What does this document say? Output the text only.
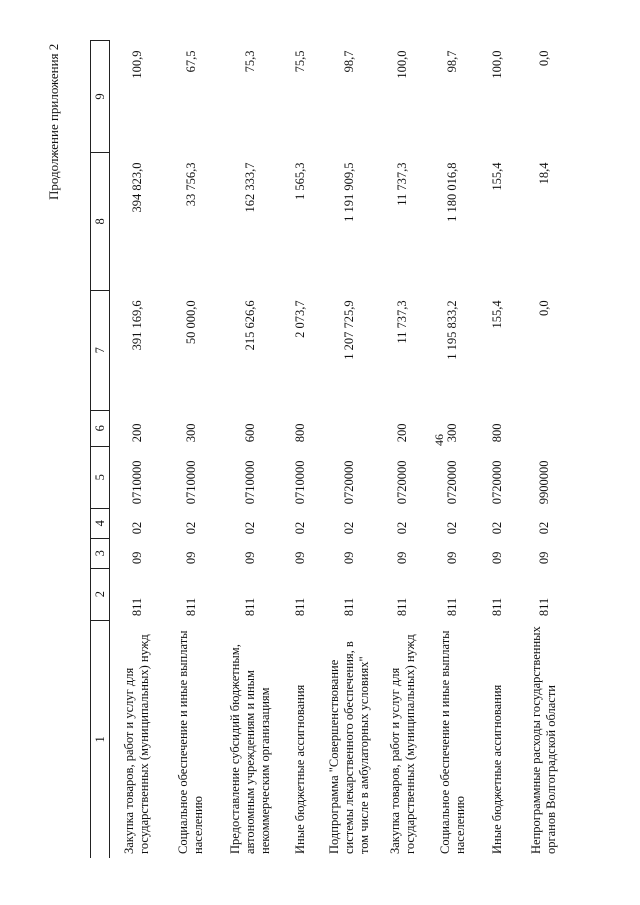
46
Продолжение приложения 2
1	2	3	4	5	6	7	8	9
Закупка товаров, работ и услуг для государственных (муниципальных) нужд	811	09	02	0710000	200	391 169,6	394 823,0	100,9
Социальное обеспечение и иные выплаты населению	811	09	02	0710000	300	50 000,0	33 756,3	67,5
Предоставление субсидий бюджетным, автономным учреждениям и иным некоммерческим организациям	811	09	02	0710000	600	215 626,6	162 333,7	75,3
Иные бюджетные ассигнования	811	09	02	0710000	800	2 073,7	1 565,3	75,5
Подпрограмма "Совершенствование системы лекарственного обеспечения, в том числе в амбулаторных условиях"	811	09	02	0720000		1 207 725,9	1 191 909,5	98,7
Закупка товаров, работ и услуг для государственных (муниципальных) нужд	811	09	02	0720000	200	11 737,3	11 737,3	100,0
Социальное обеспечение и иные выплаты населению	811	09	02	0720000	300	1 195 833,2	1 180 016,8	98,7
Иные бюджетные ассигнования	811	09	02	0720000	800	155,4	155,4	100,0
Непрограммные расходы государственных органов Волгоградской области	811	09	02	9900000		0,0	18,4	0,0
